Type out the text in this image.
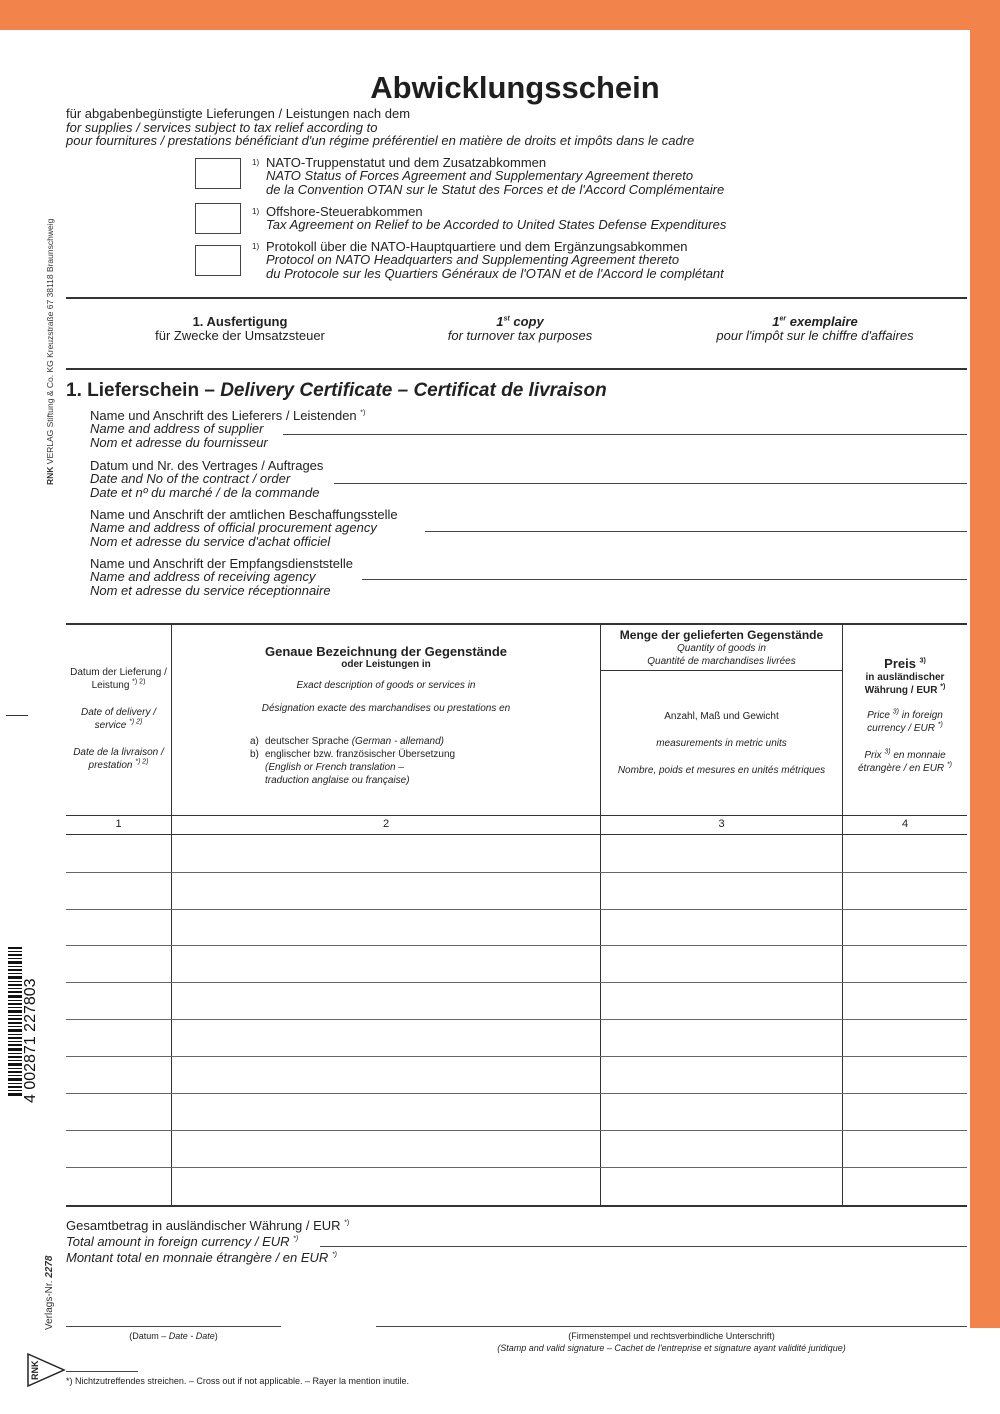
Abwicklungsschein
für abgabenbegünstigte Lieferungen / Leistungen nach dem
for supplies / services subject to tax relief according to
pour fournitures / prestations bénéficiant d'un régime préférentiel en matière de droits et impôts dans le cadre
1) NATO-Truppenstatut und dem Zusatzabkommen
NATO Status of Forces Agreement and Supplementary Agreement thereto
de la Convention OTAN sur le Statut des Forces et de l'Accord Complémentaire
1) Offshore-Steuerabkommen
Tax Agreement on Relief to be Accorded to United States Defense Expenditures
1) Protokoll über die NATO-Hauptquartiere und dem Ergänzungsabkommen
Protocol on NATO Headquarters and Supplementing Agreement thereto
du Protocole sur les Quartiers Généraux de l'OTAN et de l'Accord le complétant
1. Ausfertigung
für Zwecke der Umsatzsteuer
1st copy
for turnover tax purposes
1er exemplaire
pour l'impôt sur le chiffre d'affaires
1. Lieferschein – Delivery Certificate – Certificat de livraison
Name und Anschrift des Lieferers / Leistenden *)
Name and address of supplier
Nom et adresse du fournisseur
Datum und Nr. des Vertrages / Auftrages
Date and No of the contract / order
Date et nº du marché / de la commande
Name und Anschrift der amtlichen Beschaffungsstelle
Name and address of official procurement agency
Nom et adresse du service d'achat officiel
Name und Anschrift der Empfangsdienststelle
Name and address of receiving agency
Nom et adresse du service réceptionnaire
Datum der Lieferung / Leistung $^{*) 2)}$
Date of delivery / service $^{*) 2)}$
Date de la livraison / prestation $^{*) 2)}$
Genaue Bezeichnung der Gegenstände
oder Leistungen in
Exact description of goods or services in
Désignation exacte des marchandises ou prestations en
a) deutscher Sprache (German - allemand)
b) englischer bzw. französischer Übersetzung
(English or French translation –
traduction anglaise ou française)
Menge der gelieferten Gegenstände
Quantity of goods in
Quantité de marchandises livrées
Anzahl, Maß und Gewicht
measurements in metric units
Nombre, poids et mesures en unités métriques
Preis $^{3)}$
in ausländischer Währung / EUR *)
Price $^{3)}$ in foreign
currency / EUR *)
Prix $^{3)}$ en monnaie
étrangère / en EUR *)
1	2	3	4
Gesamtbetrag in ausländischer Währung / EUR *)
Total amount in foreign currency / EUR *)
Montant total en monnaie étrangère / en EUR *)
(Datum – Date - Date)	(Firmenstempel und rechtsverbindliche Unterschrift)
(Stamp and valid signature – Cachet de l'entreprise et signature ayant validité juridique)
*) Nichtzutreffendes streichen. – Cross out if not applicable. – Rayer la mention inutile.
RNK VERLAG Stiftung & Co. KG Kreuzstraße 67 38118 Braunschweig
4 002871 227803
Verlags-Nr. 2278
RNK
